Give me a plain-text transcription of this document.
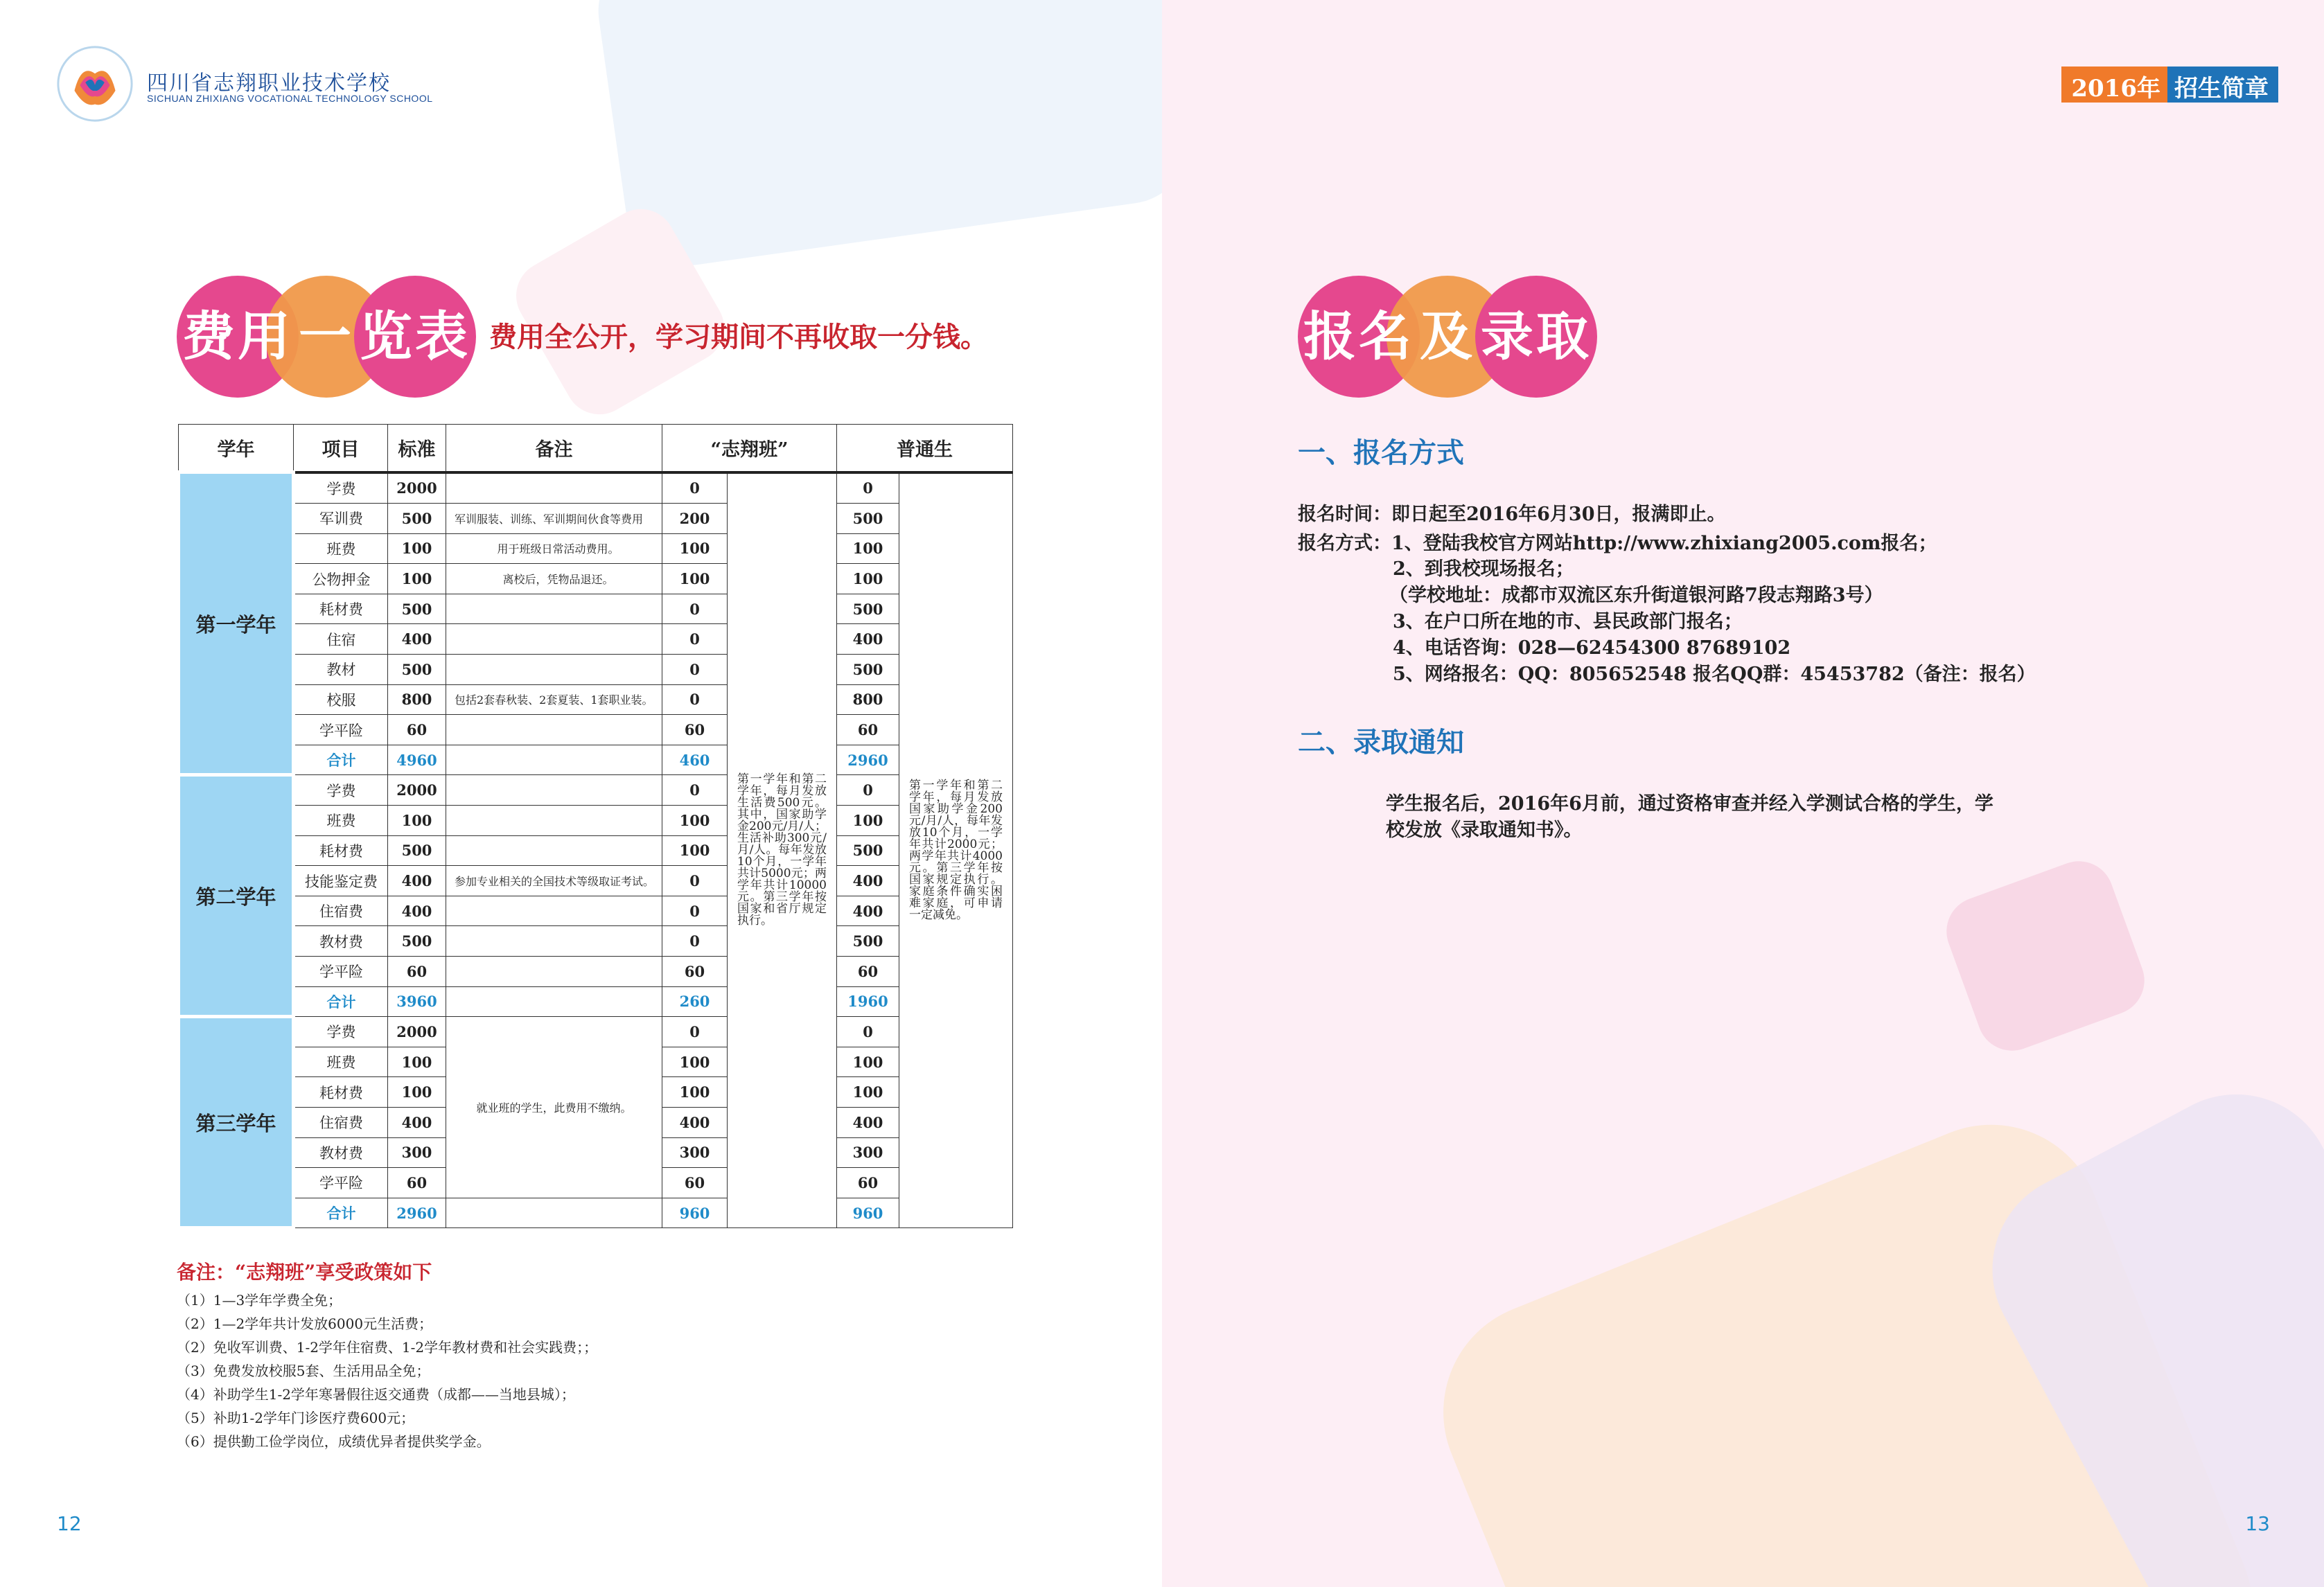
四川省志翔职业技术学校
SICHUAN ZHIXIANG VOCATIONAL TECHNOLOGY SCHOOL
费用 一 览表 费用全公开，学习期间不再收取一分钱。
学年	项目	标准	备注	“志翔班”		普通生	
第一学年	学费	2000		0	第一学年和第二学年，每月发放生活费500元。其中，国家助学金200元/月/人；生活补助300元/月/人。每年发放10个月，一学年共计5000元；两学年共计10000元。第三学年按国家和省厅规定执行。	0	第一学年和第二学年，每月发放国家助学金200元/月/人，每年发放10个月，一学年共计2000元；两学年共计4000元。第三学年按国家规定执行。家庭条件确实困难家庭，可申请一定减免。
	军训费	500	军训服装、训练、军训期间伙食等费用	200		500	
	班费	100	用于班级日常活动费用。	100		100	
	公物押金	100	离校后，凭物品退还。	100		100	
	耗材费	500		0		500	
	住宿	400		0		400	
	教材	500		0		500	
	校服	800	包括2套春秋装、2套夏装、1套职业装。	0		800	
	学平险	60		60		60	
	合计	4960		460		2960	
第二学年	学费	2000		0		0	
	班费	100		100		100	
	耗材费	500		100		500	
	技能鉴定费	400	参加专业相关的全国技术等级取证考试。	0		400	
	住宿费	400		0		400	
	教材费	500		0		500	
	学平险	60		60		60	
	合计	3960		260		1960	
第三学年	学费	2000	就业班的学生，此费用不缴纳。	0		0	
	班费	100		100		100	
	耗材费	100		100		100	
	住宿费	400		400		400	
	教材费	300		300		300	
	学平险	60		60		60	
	合计	2960		960		960	
备注：“志翔班”享受政策如下
（1）1—3学年学费全免；
（2）1—2学年共计发放6000元生活费；
（2）免收军训费、1-2学年住宿费、1-2学年教材费和社会实践费；；
（3）免费发放校服5套、生活用品全免；
（4）补助学生1-2学年寒暑假往返交通费（成都——当地县城）；
（5）补助1-2学年门诊医疗费600元；
（6）提供勤工俭学岗位，成绩优异者提供奖学金。
12
2016年 招生简章
报名 及 录取
一、报名方式
报名时间：即日起至2016年6月30日，报满即止。
报名方式：1、登陆我校官方网站http://www.zhixiang2005.com报名；
2、到我校现场报名；
（学校地址：成都市双流区东升街道银河路7段志翔路3号）
3、在户口所在地的市、县民政部门报名；
4、电话咨询：028—62454300 87689102
5、网络报名：QQ：805652548 报名QQ群：45453782（备注：报名）
二、录取通知
学生报名后，2016年6月前，通过资格审查并经入学测试合格的学生，学
校发放《录取通知书》。
13
